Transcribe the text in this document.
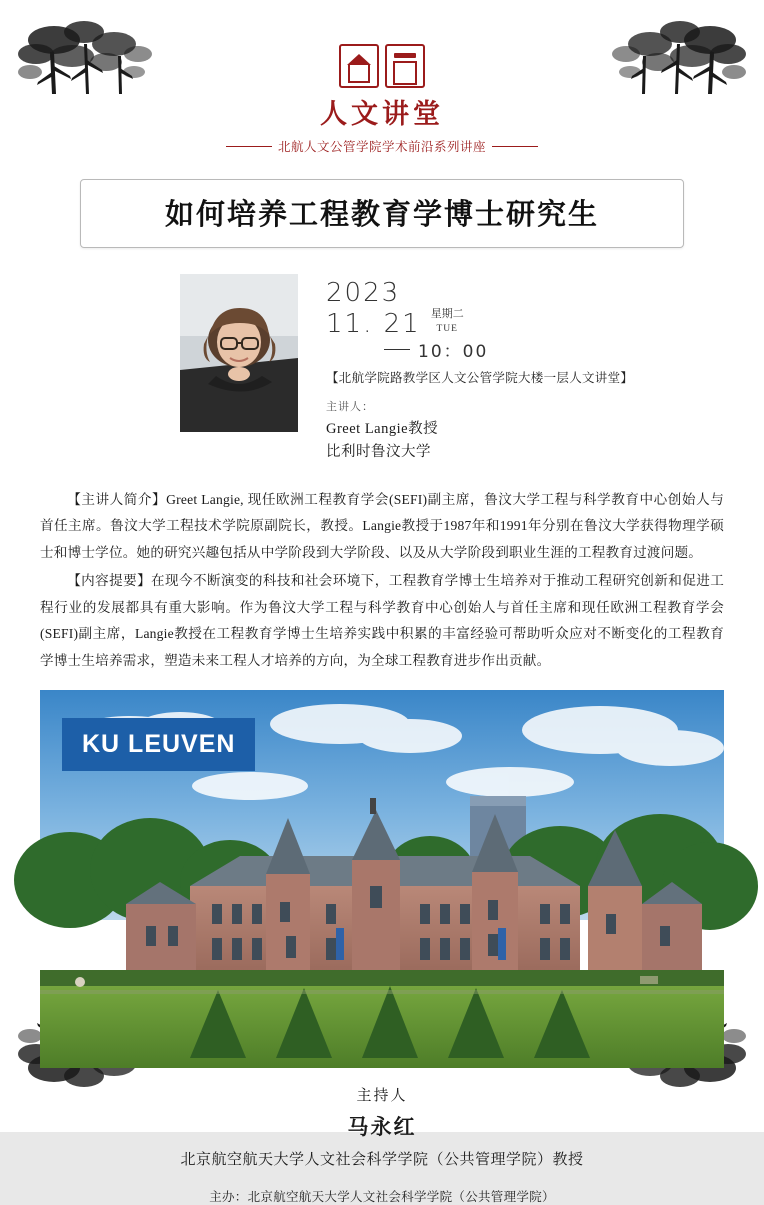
人文讲堂
北航人文公管学院学术前沿系列讲座
如何培养工程教育学博士研究生
2023
11. 21 星期二
TUE
10：00
【北航学院路教学区人文公管学院大楼一层人文讲堂】
主讲人：
Greet Langie教授
比利时鲁汶大学

【主讲人简介】Greet Langie, 现任欧洲工程教育学会(SEFI)副主席，鲁汶大学工程与科学教育中心创始人与首任主席。鲁汶大学工程技术学院原副院长，教授。Langie教授于1987年和1991年分别在鲁汶大学获得物理学硕士和博士学位。她的研究兴趣包括从中学阶段到大学阶段、以及从大学阶段到职业生涯的工程教育过渡问题。

【内容提要】在现今不断演变的科技和社会环境下，工程教育学博士生培养对于推动工程研究创新和促进工程行业的发展都具有重大影响。作为鲁汶大学工程与科学教育中心创始人与首任主席和现任欧洲工程教育学会(SEFI)副主席，Langie教授在工程教育学博士生培养实践中积累的丰富经验可帮助听众应对不断变化的工程教育学博士生培养需求，塑造未来工程人才培养的方向，为全球工程教育进步作出贡献。

KU LEUVEN
主持人
马永红
北京航空航天大学人文社会科学学院（公共管理学院）教授
主办：北京航空航天大学人文社会科学学院（公共管理学院）
